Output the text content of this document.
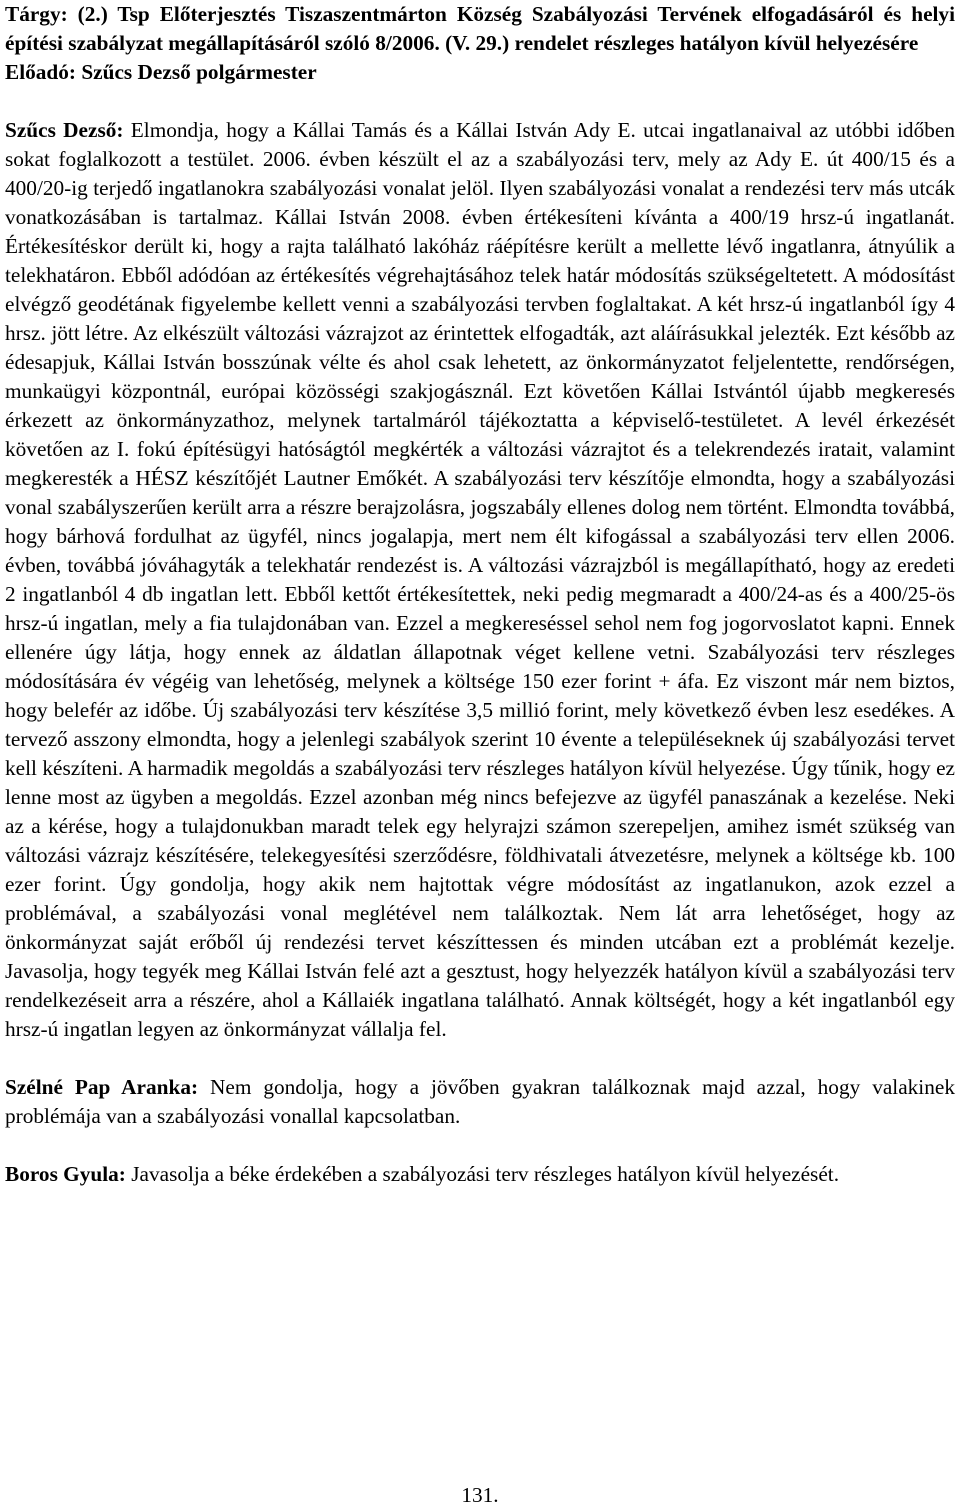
Tárgy: (2.) Tsp Előterjesztés Tiszaszentmárton Község Szabályozási Tervének elfogadásáról és helyi építési szabályzat megállapításáról szóló 8/2006. (V. 29.) rendelet részleges hatályon kívül helyezésére

Előadó: Szűcs Dezső polgármester

Szűcs Dezső: Elmondja, hogy a Kállai Tamás és a Kállai István Ady E. utcai ingatlanaival az utóbbi időben sokat foglalkozott a testület. 2006. évben készült el az a szabályozási terv, mely az Ady E. út 400/15 és a 400/20-ig terjedő ingatlanokra szabályozási vonalat jelöl. Ilyen szabályozási vonalat a rendezési terv más utcák vonatkozásában is tartalmaz. Kállai István 2008. évben értékesíteni kívánta a 400/19 hrsz-ú ingatlanát. Értékesítéskor derült ki, hogy a rajta található lakóház ráépítésre került a mellette lévő ingatlanra, átnyúlik a telekhatáron. Ebből adódóan az értékesítés végrehajtásához telek határ módosítás szükségeltetett. A módosítást elvégző geodétának figyelembe kellett venni a szabályozási tervben foglaltakat. A két hrsz-ú ingatlanból így 4 hrsz. jött létre. Az elkészült változási vázrajzot az érintettek elfogadták, azt aláírásukkal jelezték. Ezt később az édesapjuk, Kállai István bosszúnak vélte és ahol csak lehetett, az önkormányzatot feljelentette, rendőrségen, munkaügyi központnál, európai közösségi szakjogásznál. Ezt követően Kállai Istvántól újabb megkeresés érkezett az önkormányzathoz, melynek tartalmáról tájékoztatta a képviselő-testületet. A levél érkezését követően az I. fokú építésügyi hatóságtól megkérték a változási vázrajtot és a telekrendezés iratait, valamint megkeresték a HÉSZ készítőjét Lautner Emőkét. A szabályozási terv készítője elmondta, hogy a szabályozási vonal szabályszerűen került arra a részre berajzolásra, jogszabály ellenes dolog nem történt. Elmondta továbbá, hogy bárhová fordulhat az ügyfél, nincs jogalapja, mert nem élt kifogással a szabályozási terv ellen 2006. évben, továbbá jóváhagyták a telekhatár rendezést is. A változási vázrajzból is megállapítható, hogy az eredeti 2 ingatlanból 4 db ingatlan lett. Ebből kettőt értékesítettek, neki pedig megmaradt a 400/24-as és a 400/25-ös hrsz-ú ingatlan, mely a fia tulajdonában van. Ezzel a megkereséssel sehol nem fog jogorvoslatot kapni. Ennek ellenére úgy látja, hogy ennek az áldatlan állapotnak véget kellene vetni. Szabályozási terv részleges módosítására év végéig van lehetőség, melynek a költsége 150 ezer forint + áfa. Ez viszont már nem biztos, hogy belefér az időbe. Új szabályozási terv készítése 3,5 millió forint, mely következő évben lesz esedékes. A tervező asszony elmondta, hogy a jelenlegi szabályok szerint 10 évente a településeknek új szabályozási tervet kell készíteni. A harmadik megoldás a szabályozási terv részleges hatályon kívül helyezése. Úgy tűnik, hogy ez lenne most az ügyben a megoldás. Ezzel azonban még nincs befejezve az ügyfél panaszának a kezelése. Neki az a kérése, hogy a tulajdonukban maradt telek egy helyrajzi számon szerepeljen, amihez ismét szükség van változási vázrajz készítésére, telekegyesítési szerződésre, földhivatali átvezetésre, melynek a költsége kb. 100 ezer forint. Úgy gondolja, hogy akik nem hajtottak végre módosítást az ingatlanukon, azok ezzel a problémával, a szabályozási vonal meglétével nem találkoztak. Nem lát arra lehetőséget, hogy az önkormányzat saját erőből új rendezési tervet készíttessen és minden utcában ezt a problémát kezelje. Javasolja, hogy tegyék meg Kállai István felé azt a gesztust, hogy helyezzék hatályon kívül a szabályozási terv rendelkezéseit arra a részére, ahol a Kállaiék ingatlana található. Annak költségét, hogy a két ingatlanból egy hrsz-ú ingatlan legyen az önkormányzat vállalja fel.

Szélné Pap Aranka: Nem gondolja, hogy a jövőben gyakran találkoznak majd azzal, hogy valakinek problémája van a szabályozási vonallal kapcsolatban.

Boros Gyula: Javasolja a béke érdekében a szabályozási terv részleges hatályon kívül helyezését.

131.
